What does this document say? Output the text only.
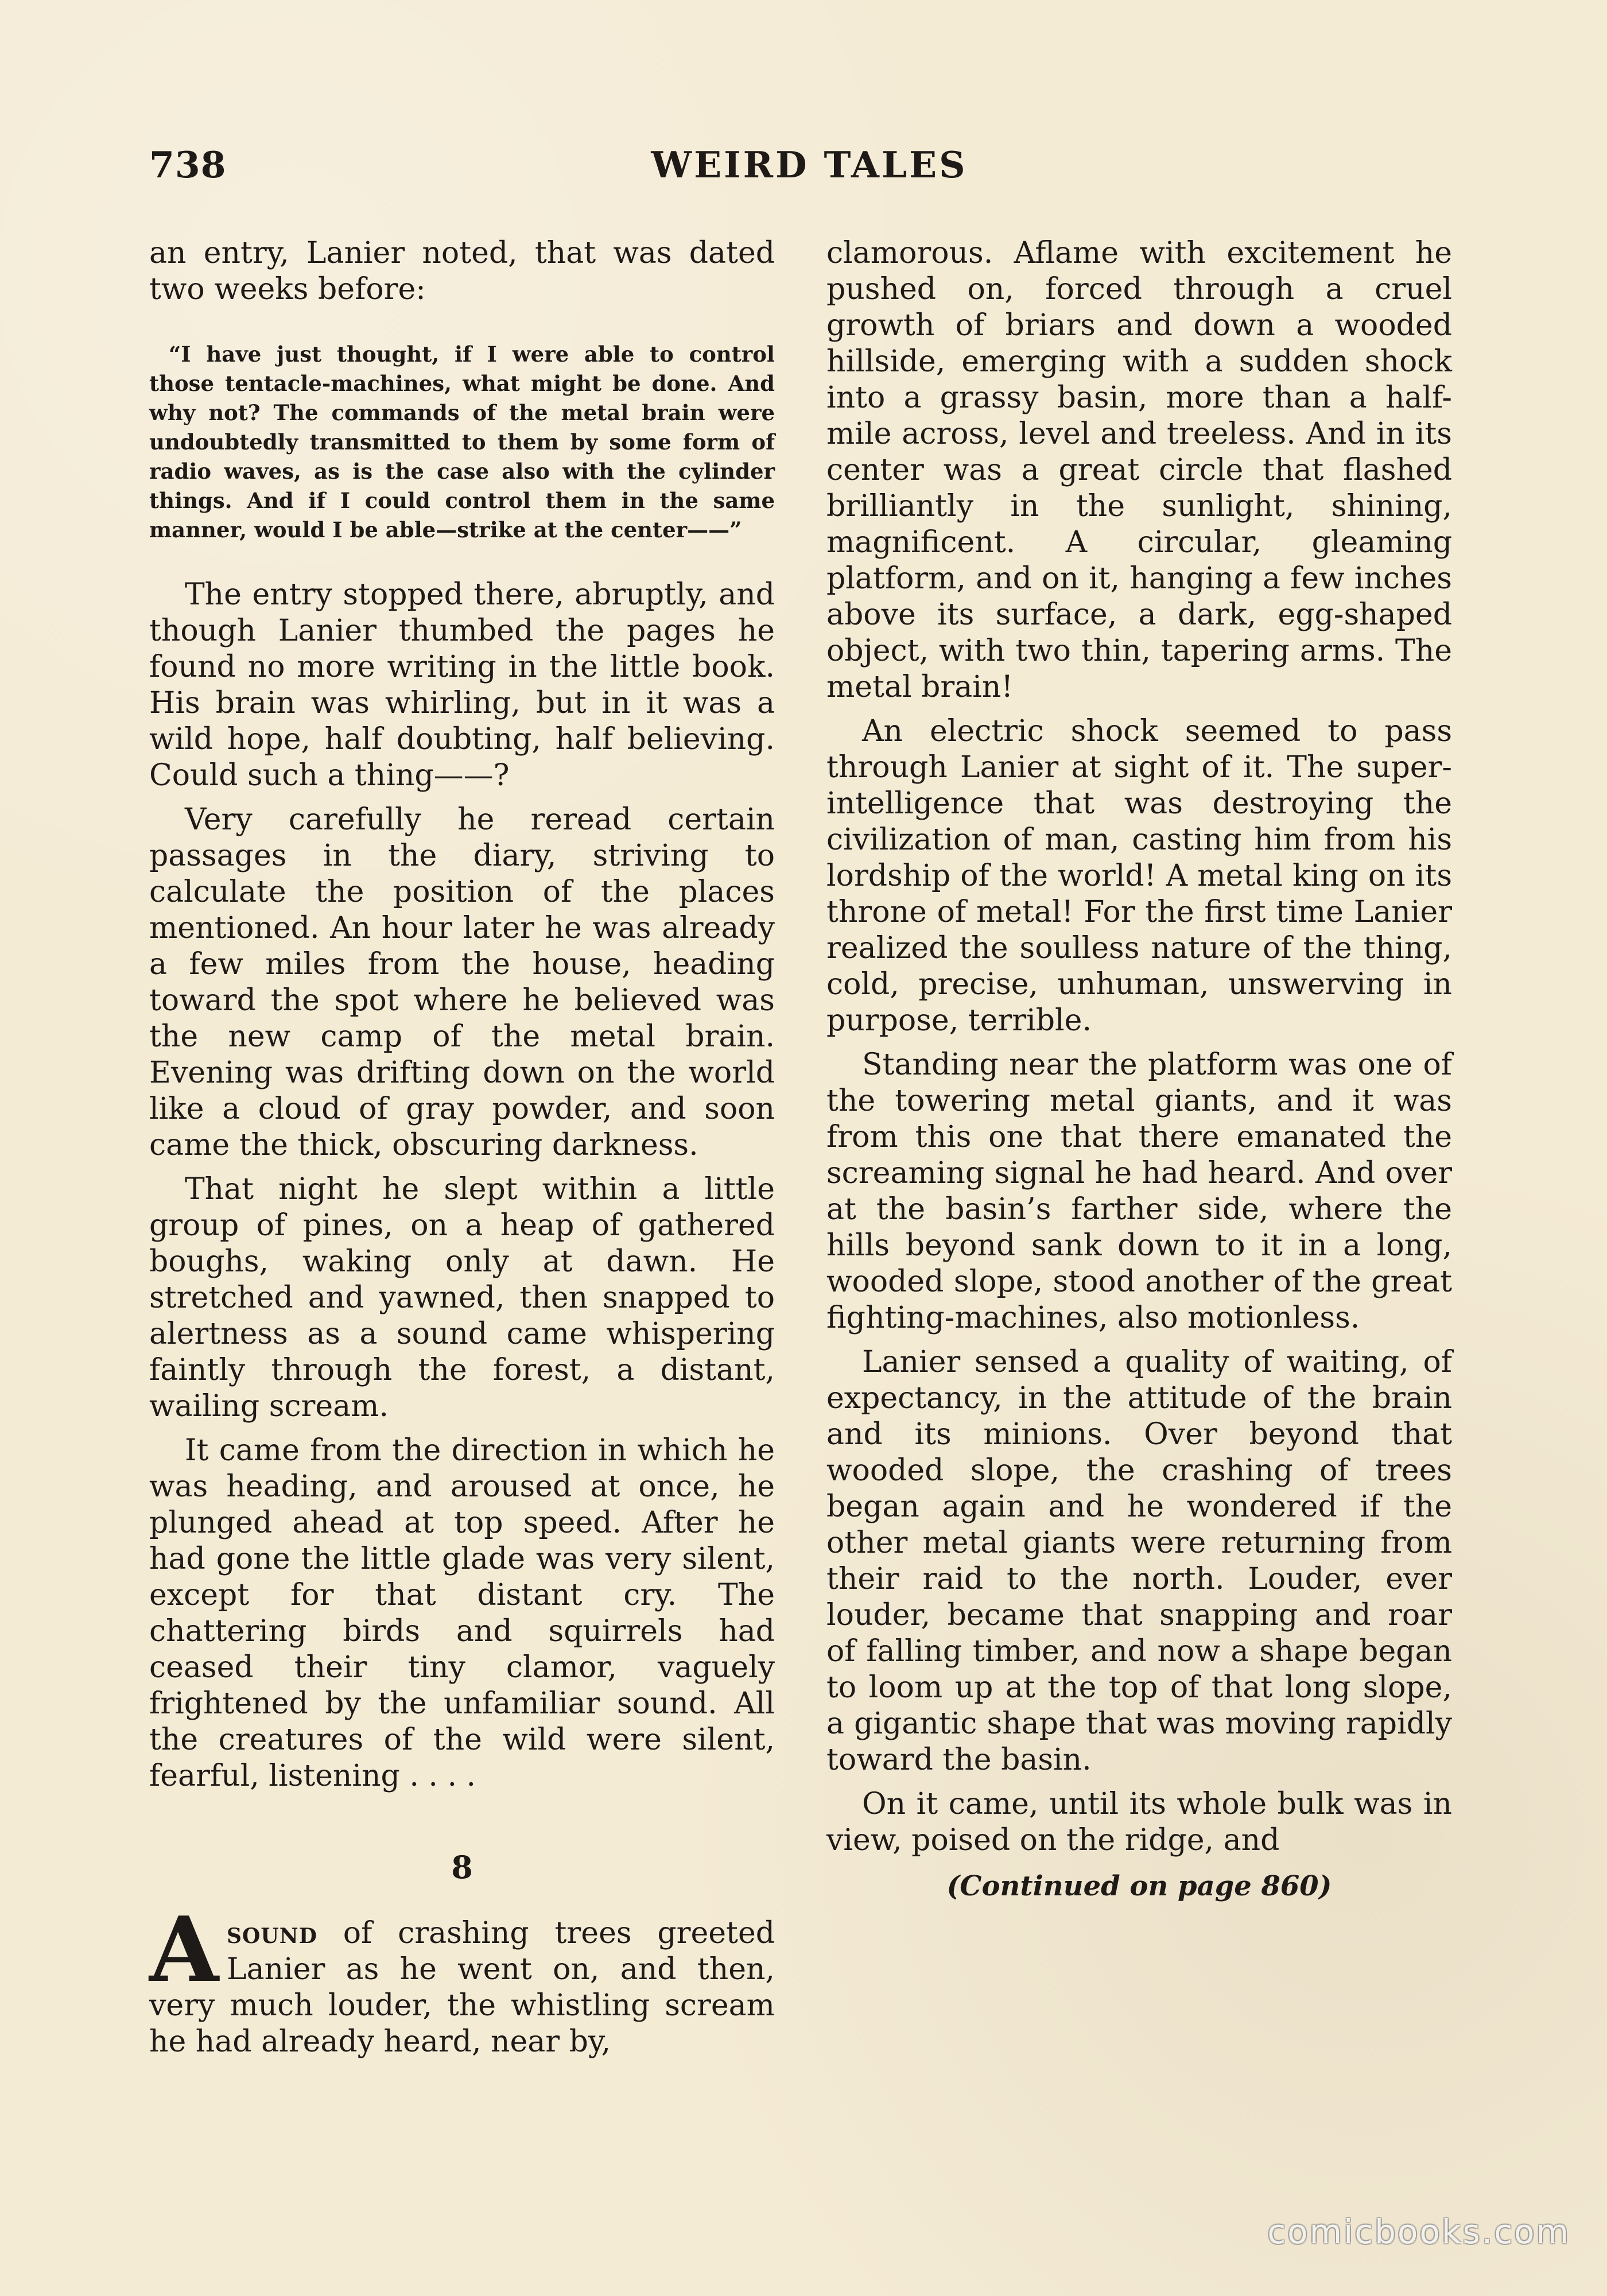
738	WEIRD TALES

an entry, Lanier noted, that was dated two weeks before:

“I have just thought, if I were able to control those tentacle-machines, what might be done. And why not? The commands of the metal brain were undoubtedly transmitted to them by some form of radio waves, as is the case also with the cylinder things. And if I could control them in the same manner, would I be able—strike at the center——”

The entry stopped there, abruptly, and though Lanier thumbed the pages he found no more writing in the little book. His brain was whirling, but in it was a wild hope, half doubting, half believing. Could such a thing——?

Very carefully he reread certain passages in the diary, striving to calculate the position of the places mentioned. An hour later he was already a few miles from the house, heading toward the spot where he believed was the new camp of the metal brain. Evening was drifting down on the world like a cloud of gray powder, and soon came the thick, obscuring darkness.

That night he slept within a little group of pines, on a heap of gathered boughs, waking only at dawn. He stretched and yawned, then snapped to alertness as a sound came whispering faintly through the forest, a distant, wailing scream.

It came from the direction in which he was heading, and aroused at once, he plunged ahead at top speed. After he had gone the little glade was very silent, except for that distant cry. The chattering birds and squirrels had ceased their tiny clamor, vaguely frightened by the unfamiliar sound. All the creatures of the wild were silent, fearful, listening . . . .

8
Asound of crashing trees greeted Lanier as he went on, and then, very much louder, the whistling scream he had already heard, near by,

clamorous. Aflame with excitement he pushed on, forced through a cruel growth of briars and down a wooded hillside, emerging with a sudden shock into a grassy basin, more than a half-mile across, level and treeless. And in its center was a great circle that flashed brilliantly in the sunlight, shining, magnificent. A circular, gleaming platform, and on it, hanging a few inches above its surface, a dark, egg-shaped object, with two thin, tapering arms. The metal brain!

An electric shock seemed to pass through Lanier at sight of it. The super-intelligence that was destroying the civilization of man, casting him from his lordship of the world! A metal king on its throne of metal! For the first time Lanier realized the soulless nature of the thing, cold, precise, unhuman, unswerving in purpose, terrible.

Standing near the platform was one of the towering metal giants, and it was from this one that there emanated the screaming signal he had heard. And over at the basin’s farther side, where the hills beyond sank down to it in a long, wooded slope, stood another of the great fighting-machines, also motionless.

Lanier sensed a quality of waiting, of expectancy, in the attitude of the brain and its minions. Over beyond that wooded slope, the crashing of trees began again and he wondered if the other metal giants were returning from their raid to the north. Louder, ever louder, became that snapping and roar of falling timber, and now a shape began to loom up at the top of that long slope, a gigantic shape that was moving rapidly toward the basin.

On it came, until its whole bulk was in view, poised on the ridge, and

(Continued on page 860)
comicbooks.com
